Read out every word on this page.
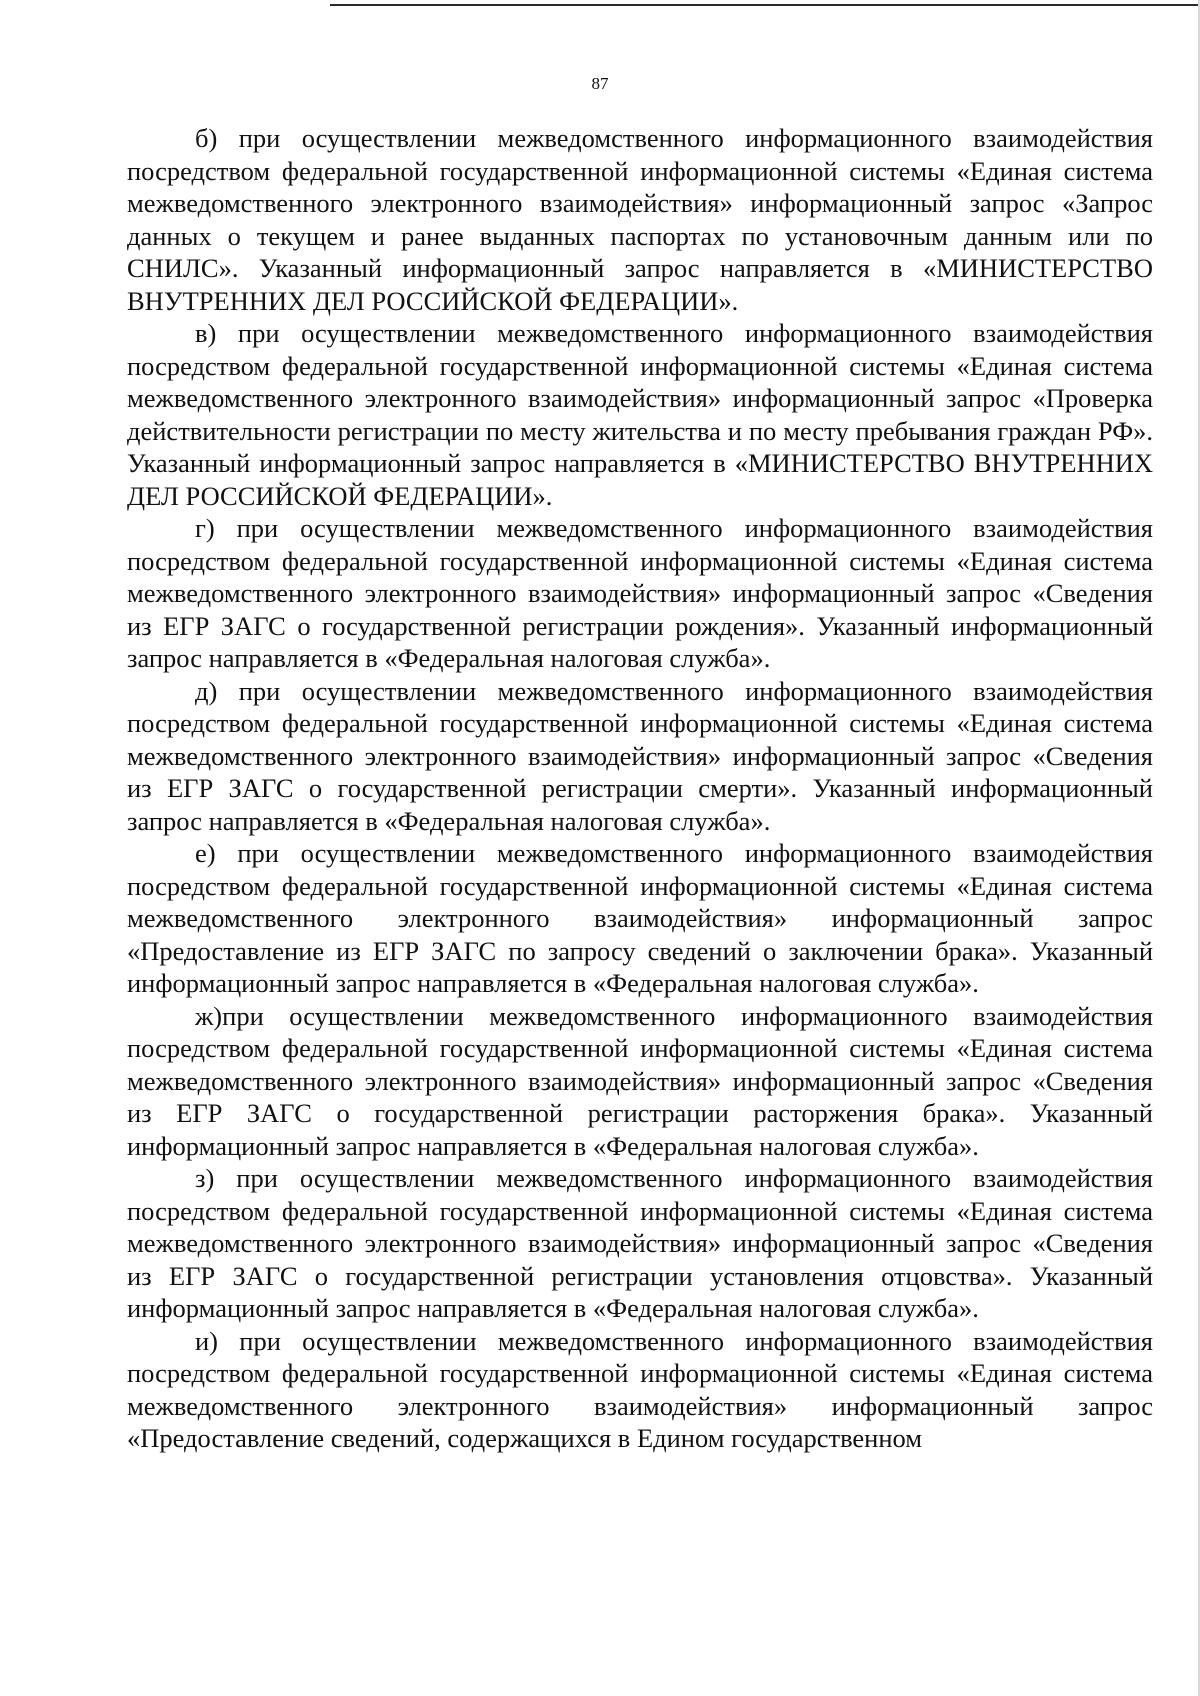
87

б) при осуществлении межведомственного информационного взаимодействия посредством федеральной государственной информационной системы «Единая система межведомственного электронного взаимодействия» информационный запрос «Запрос данных о текущем и ранее выданных паспортах по установочным данным или по СНИЛС». Указанный информационный запрос направляется в «МИНИСТЕРСТВО ВНУТРЕННИХ ДЕЛ РОССИЙСКОЙ ФЕДЕРАЦИИ».

в) при осуществлении межведомственного информационного взаимодействия посредством федеральной государственной информационной системы «Единая система межведомственного электронного взаимодействия» информационный запрос «Проверка действительности регистрации по месту жительства и по месту пребывания граждан РФ». Указанный информационный запрос направляется в «МИНИСТЕРСТВО ВНУТРЕННИХ ДЕЛ РОССИЙСКОЙ ФЕДЕРАЦИИ».

г) при осуществлении межведомственного информационного взаимодействия посредством федеральной государственной информационной системы «Единая система межведомственного электронного взаимодействия» информационный запрос «Сведения из ЕГР ЗАГС о государственной регистрации рождения». Указанный информационный запрос направляется в «Федеральная налоговая служба».

д) при осуществлении межведомственного информационного взаимодействия посредством федеральной государственной информационной системы «Единая система межведомственного электронного взаимодействия» информационный запрос «Сведения из ЕГР ЗАГС о государственной регистрации смерти». Указанный информационный запрос направляется в «Федеральная налоговая служба».

е) при осуществлении межведомственного информационного взаимодействия посредством федеральной государственной информационной системы «Единая система межведомственного электронного взаимодействия» информационный запрос «Предоставление из ЕГР ЗАГС по запросу сведений о заключении брака». Указанный информационный запрос направляется в «Федеральная налоговая служба».

ж)при осуществлении межведомственного информационного взаимодействия посредством федеральной государственной информационной системы «Единая система межведомственного электронного взаимодействия» информационный запрос «Сведения из ЕГР ЗАГС о государственной регистрации расторжения брака». Указанный информационный запрос направляется в «Федеральная налоговая служба».

з) при осуществлении межведомственного информационного взаимодействия посредством федеральной государственной информационной системы «Единая система межведомственного электронного взаимодействия» информационный запрос «Сведения из ЕГР ЗАГС о государственной регистрации установления отцовства». Указанный информационный запрос направляется в «Федеральная налоговая служба».

и) при осуществлении межведомственного информационного взаимодействия посредством федеральной государственной информационной системы «Единая система межведомственного электронного взаимодействия» информационный запрос «Предоставление сведений, содержащихся в Едином государственном
